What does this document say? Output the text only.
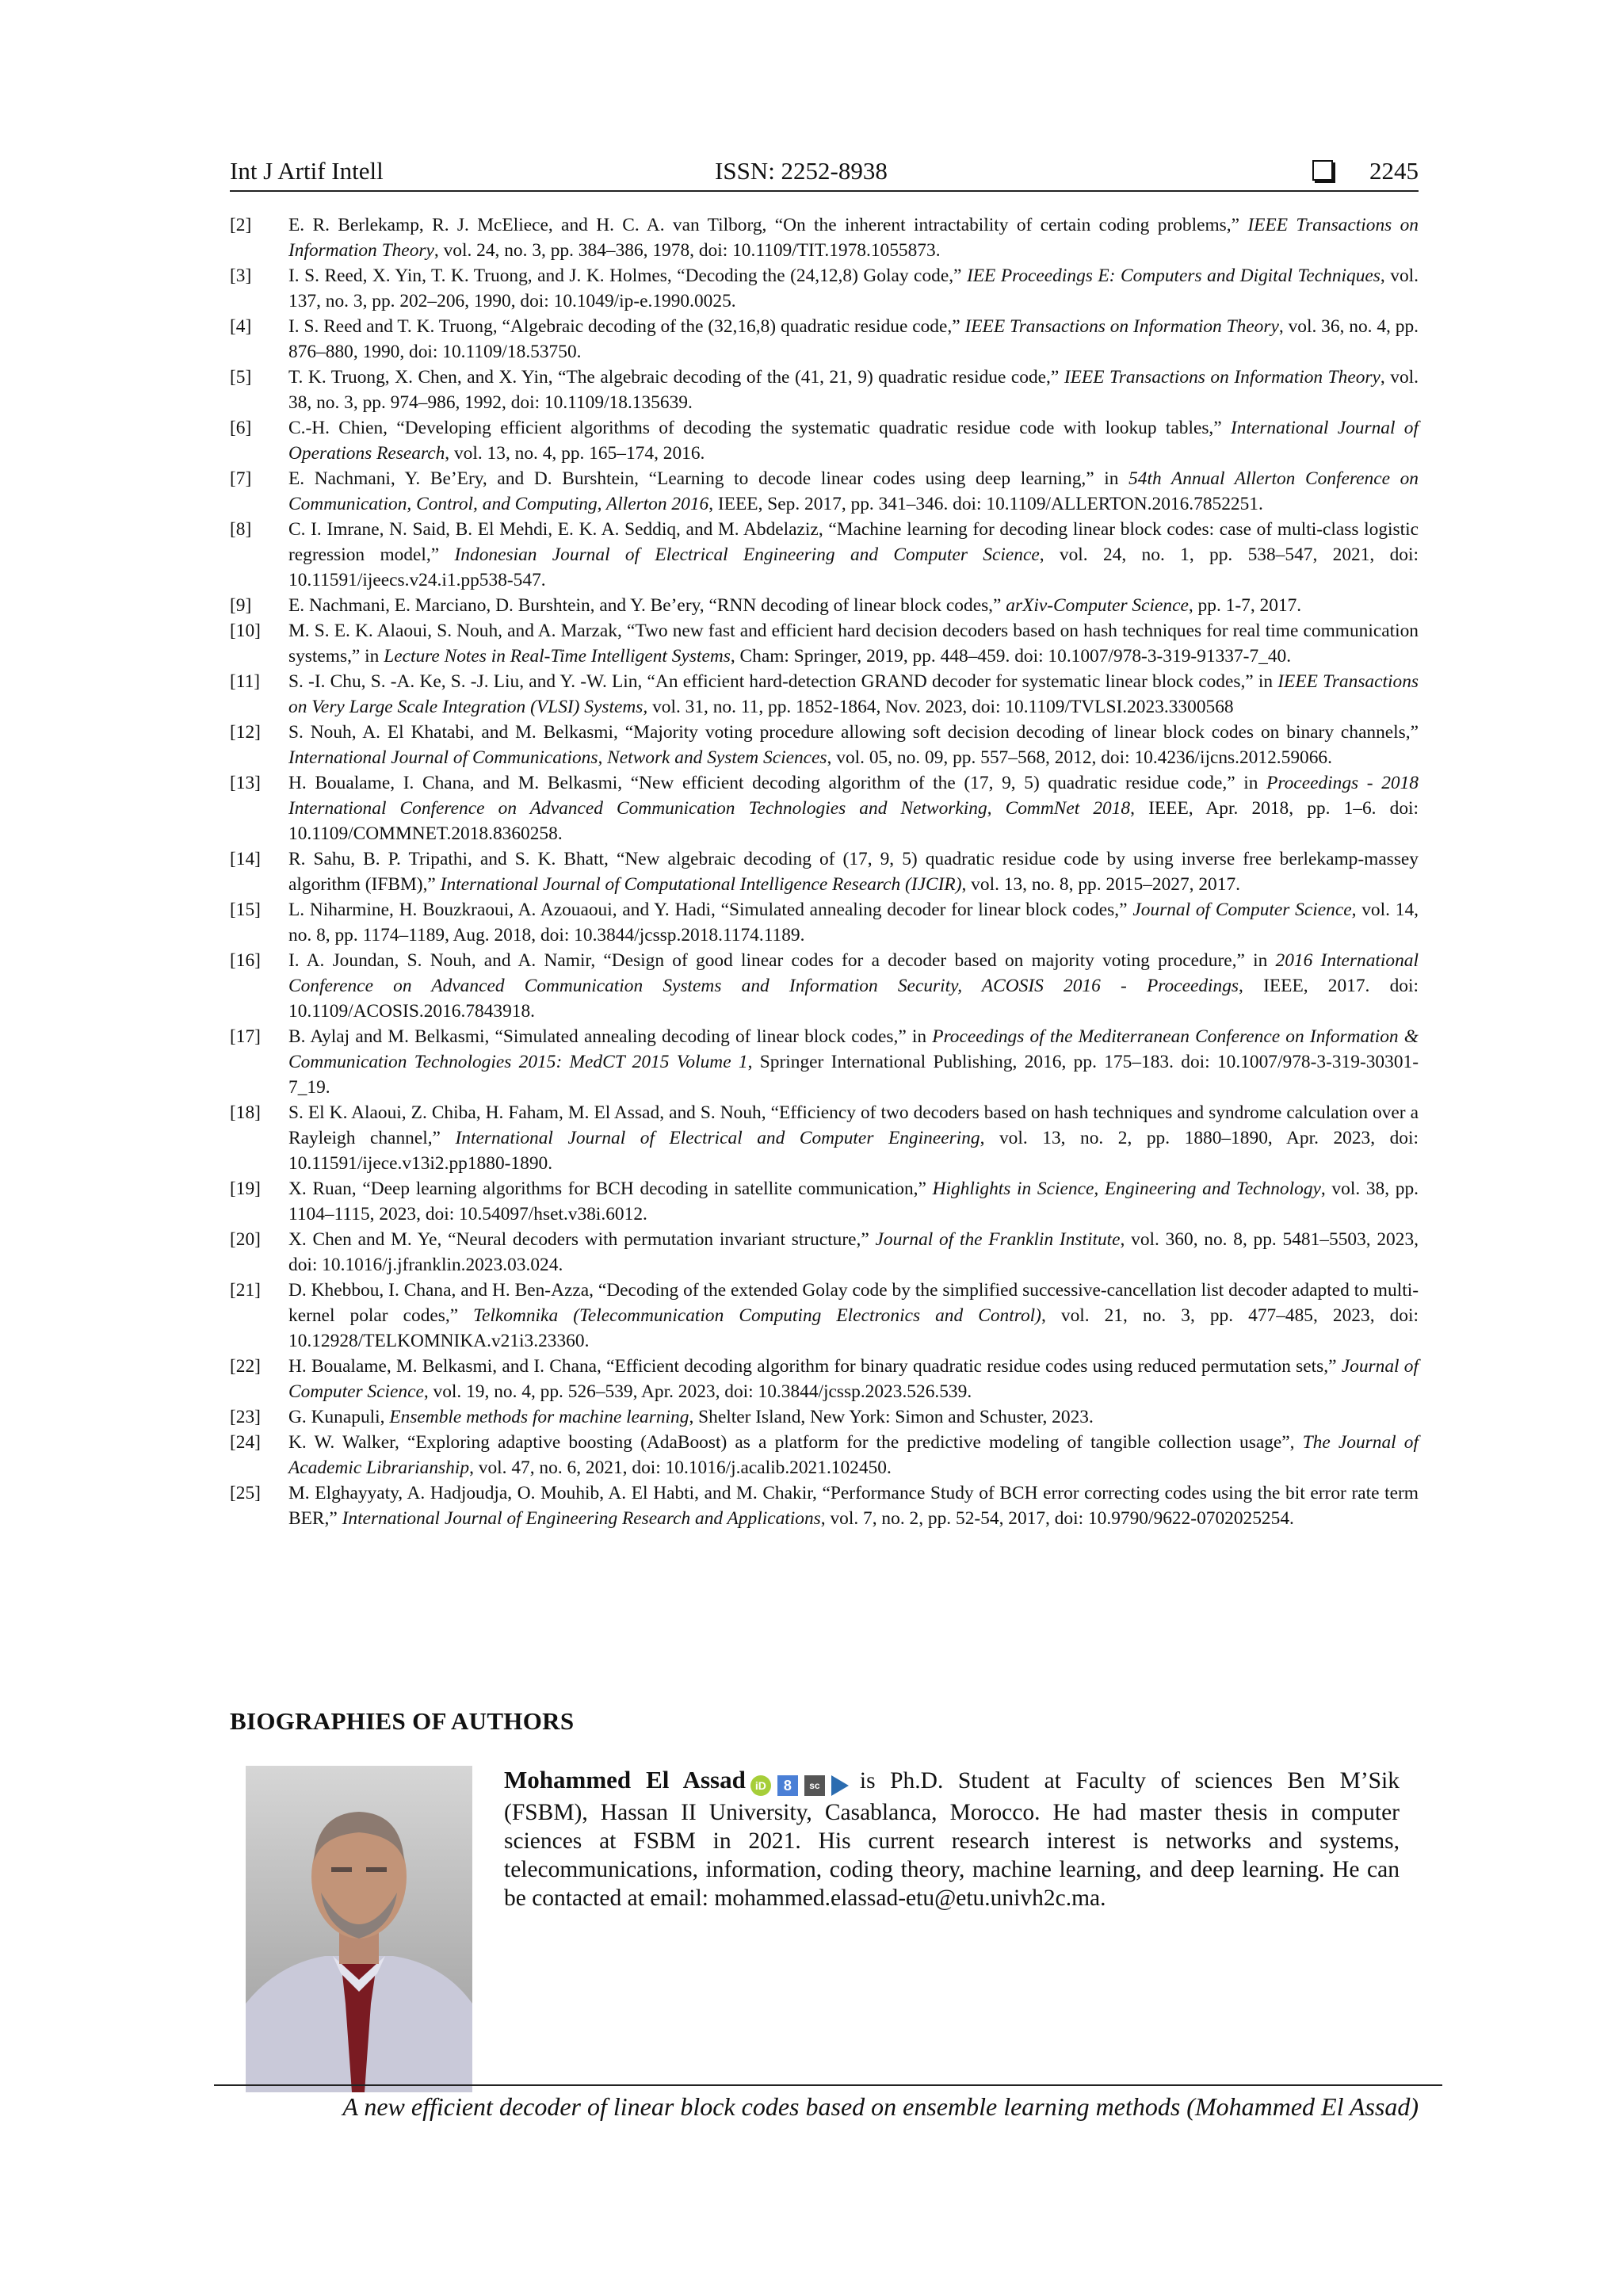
Int J Artif Intell	ISSN: 2252-8938	2245
[2] E. R. Berlekamp, R. J. McEliece, and H. C. A. van Tilborg, “On the inherent intractability of certain coding problems,” IEEE Transactions on Information Theory, vol. 24, no. 3, pp. 384–386, 1978, doi: 10.1109/TIT.1978.1055873.
[3] I. S. Reed, X. Yin, T. K. Truong, and J. K. Holmes, “Decoding the (24,12,8) Golay code,” IEE Proceedings E: Computers and Digital Techniques, vol. 137, no. 3, pp. 202–206, 1990, doi: 10.1049/ip-e.1990.0025.
[4] I. S. Reed and T. K. Truong, “Algebraic decoding of the (32,16,8) quadratic residue code,” IEEE Transactions on Information Theory, vol. 36, no. 4, pp. 876–880, 1990, doi: 10.1109/18.53750.
[5] T. K. Truong, X. Chen, and X. Yin, “The algebraic decoding of the (41, 21, 9) quadratic residue code,” IEEE Transactions on Information Theory, vol. 38, no. 3, pp. 974–986, 1992, doi: 10.1109/18.135639.
[6] C.-H. Chien, “Developing efficient algorithms of decoding the systematic quadratic residue code with lookup tables,” International Journal of Operations Research, vol. 13, no. 4, pp. 165–174, 2016.
[7] E. Nachmani, Y. Be’Ery, and D. Burshtein, “Learning to decode linear codes using deep learning,” in 54th Annual Allerton Conference on Communication, Control, and Computing, Allerton 2016, IEEE, Sep. 2017, pp. 341–346. doi: 10.1109/ALLERTON.2016.7852251.
[8] C. I. Imrane, N. Said, B. El Mehdi, E. K. A. Seddiq, and M. Abdelaziz, “Machine learning for decoding linear block codes: case of multi-class logistic regression model,” Indonesian Journal of Electrical Engineering and Computer Science, vol. 24, no. 1, pp. 538–547, 2021, doi: 10.11591/ijeecs.v24.i1.pp538-547.
[9] E. Nachmani, E. Marciano, D. Burshtein, and Y. Be’ery, “RNN decoding of linear block codes,” arXiv-Computer Science, pp. 1-7, 2017.
[10] M. S. E. K. Alaoui, S. Nouh, and A. Marzak, “Two new fast and efficient hard decision decoders based on hash techniques for real time communication systems,” in Lecture Notes in Real-Time Intelligent Systems, Cham: Springer, 2019, pp. 448–459. doi: 10.1007/978-3-319-91337-7_40.
[11] S. -I. Chu, S. -A. Ke, S. -J. Liu, and Y. -W. Lin, “An efficient hard-detection GRAND decoder for systematic linear block codes,” in IEEE Transactions on Very Large Scale Integration (VLSI) Systems, vol. 31, no. 11, pp. 1852-1864, Nov. 2023, doi: 10.1109/TVLSI.2023.3300568
[12] S. Nouh, A. El Khatabi, and M. Belkasmi, “Majority voting procedure allowing soft decision decoding of linear block codes on binary channels,” International Journal of Communications, Network and System Sciences, vol. 05, no. 09, pp. 557–568, 2012, doi: 10.4236/ijcns.2012.59066.
[13] H. Boualame, I. Chana, and M. Belkasmi, “New efficient decoding algorithm of the (17, 9, 5) quadratic residue code,” in Proceedings - 2018 International Conference on Advanced Communication Technologies and Networking, CommNet 2018, IEEE, Apr. 2018, pp. 1–6. doi: 10.1109/COMMNET.2018.8360258.
[14] R. Sahu, B. P. Tripathi, and S. K. Bhatt, “New algebraic decoding of (17, 9, 5) quadratic residue code by using inverse free berlekamp-massey algorithm (IFBM),” International Journal of Computational Intelligence Research (IJCIR), vol. 13, no. 8, pp. 2015–2027, 2017.
[15] L. Niharmine, H. Bouzkraoui, A. Azouaoui, and Y. Hadi, “Simulated annealing decoder for linear block codes,” Journal of Computer Science, vol. 14, no. 8, pp. 1174–1189, Aug. 2018, doi: 10.3844/jcssp.2018.1174.1189.
[16] I. A. Joundan, S. Nouh, and A. Namir, “Design of good linear codes for a decoder based on majority voting procedure,” in 2016 International Conference on Advanced Communication Systems and Information Security, ACOSIS 2016 - Proceedings, IEEE, 2017. doi: 10.1109/ACOSIS.2016.7843918.
[17] B. Aylaj and M. Belkasmi, “Simulated annealing decoding of linear block codes,” in Proceedings of the Mediterranean Conference on Information & Communication Technologies 2015: MedCT 2015 Volume 1, Springer International Publishing, 2016, pp. 175–183. doi: 10.1007/978-3-319-30301-7_19.
[18] S. El K. Alaoui, Z. Chiba, H. Faham, M. El Assad, and S. Nouh, “Efficiency of two decoders based on hash techniques and syndrome calculation over a Rayleigh channel,” International Journal of Electrical and Computer Engineering, vol. 13, no. 2, pp. 1880–1890, Apr. 2023, doi: 10.11591/ijece.v13i2.pp1880-1890.
[19] X. Ruan, “Deep learning algorithms for BCH decoding in satellite communication,” Highlights in Science, Engineering and Technology, vol. 38, pp. 1104–1115, 2023, doi: 10.54097/hset.v38i.6012.
[20] X. Chen and M. Ye, “Neural decoders with permutation invariant structure,” Journal of the Franklin Institute, vol. 360, no. 8, pp. 5481–5503, 2023, doi: 10.1016/j.jfranklin.2023.03.024.
[21] D. Khebbou, I. Chana, and H. Ben-Azza, “Decoding of the extended Golay code by the simplified successive-cancellation list decoder adapted to multi-kernel polar codes,” Telkomnika (Telecommunication Computing Electronics and Control), vol. 21, no. 3, pp. 477–485, 2023, doi: 10.12928/TELKOMNIKA.v21i3.23360.
[22] H. Boualame, M. Belkasmi, and I. Chana, “Efficient decoding algorithm for binary quadratic residue codes using reduced permutation sets,” Journal of Computer Science, vol. 19, no. 4, pp. 526–539, Apr. 2023, doi: 10.3844/jcssp.2023.526.539.
[23] G. Kunapuli, Ensemble methods for machine learning, Shelter Island, New York: Simon and Schuster, 2023.
[24] K. W. Walker, “Exploring adaptive boosting (AdaBoost) as a platform for the predictive modeling of tangible collection usage”, The Journal of Academic Librarianship, vol. 47, no. 6, 2021, doi: 10.1016/j.acalib.2021.102450.
[25] M. Elghayyaty, A. Hadjoudja, O. Mouhib, A. El Habti, and M. Chakir, “Performance Study of BCH error correcting codes using the bit error rate term BER,” International Journal of Engineering Research and Applications, vol. 7, no. 2, pp. 52-54, 2017, doi: 10.9790/9622-0702025254.
BIOGRAPHIES OF AUTHORS
Mohammed El Assad iD 8 sc is Ph.D. Student at Faculty of sciences Ben M’Sik (FSBM), Hassan II University, Casablanca, Morocco. He had master thesis in computer sciences at FSBM in 2021. His current research interest is networks and systems, telecommunications, information, coding theory, machine learning, and deep learning. He can be contacted at email: mohammed.elassad-etu@etu.univh2c.ma.
A new efficient decoder of linear block codes based on ensemble learning methods (Mohammed El Assad)
